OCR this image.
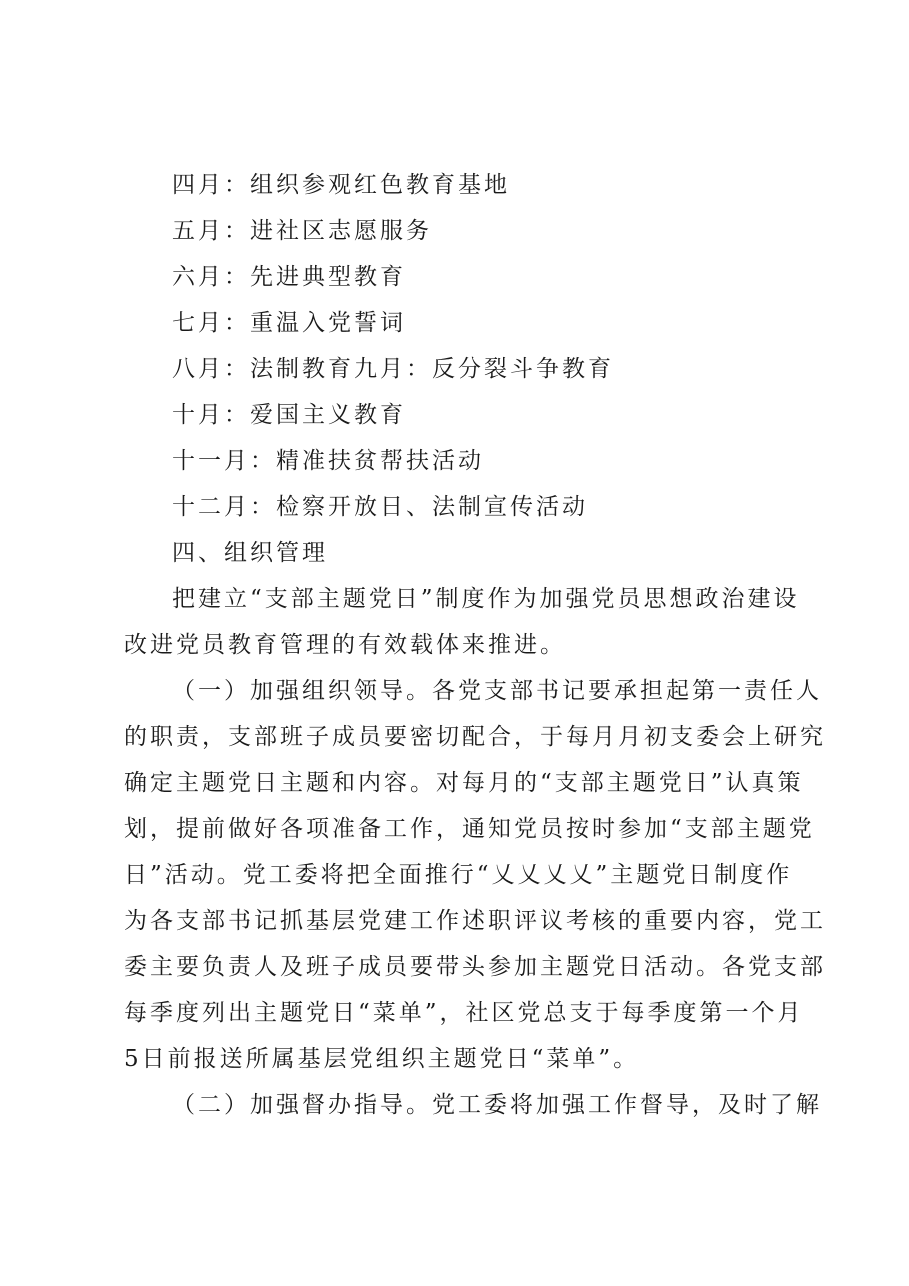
四月：组织参观红色教育基地
五月：进社区志愿服务
六月：先进典型教育
七月：重温入党誓词
八月：法制教育九月：反分裂斗争教育
十月：爱国主义教育
十一月：精准扶贫帮扶活动
十二月：检察开放日、法制宣传活动
四、组织管理
把建立“支部主题党日”制度作为加强党员思想政治建设
改进党员教育管理的有效载体来推进。
（一）加强组织领导。各党支部书记要承担起第一责任人
的职责，支部班子成员要密切配合，于每月月初支委会上研究
确定主题党日主题和内容。对每月的“支部主题党日”认真策
划，提前做好各项准备工作，通知党员按时参加“支部主题党
日”活动。党工委将把全面推行“乂乂乂乂”主题党日制度作
为各支部书记抓基层党建工作述职评议考核的重要内容，党工
委主要负责人及班子成员要带头参加主题党日活动。各党支部
每季度列出主题党日“菜单”，社区党总支于每季度第一个月
5日前报送所属基层党组织主题党日“菜单”。
（二）加强督办指导。党工委将加强工作督导，及时了解
